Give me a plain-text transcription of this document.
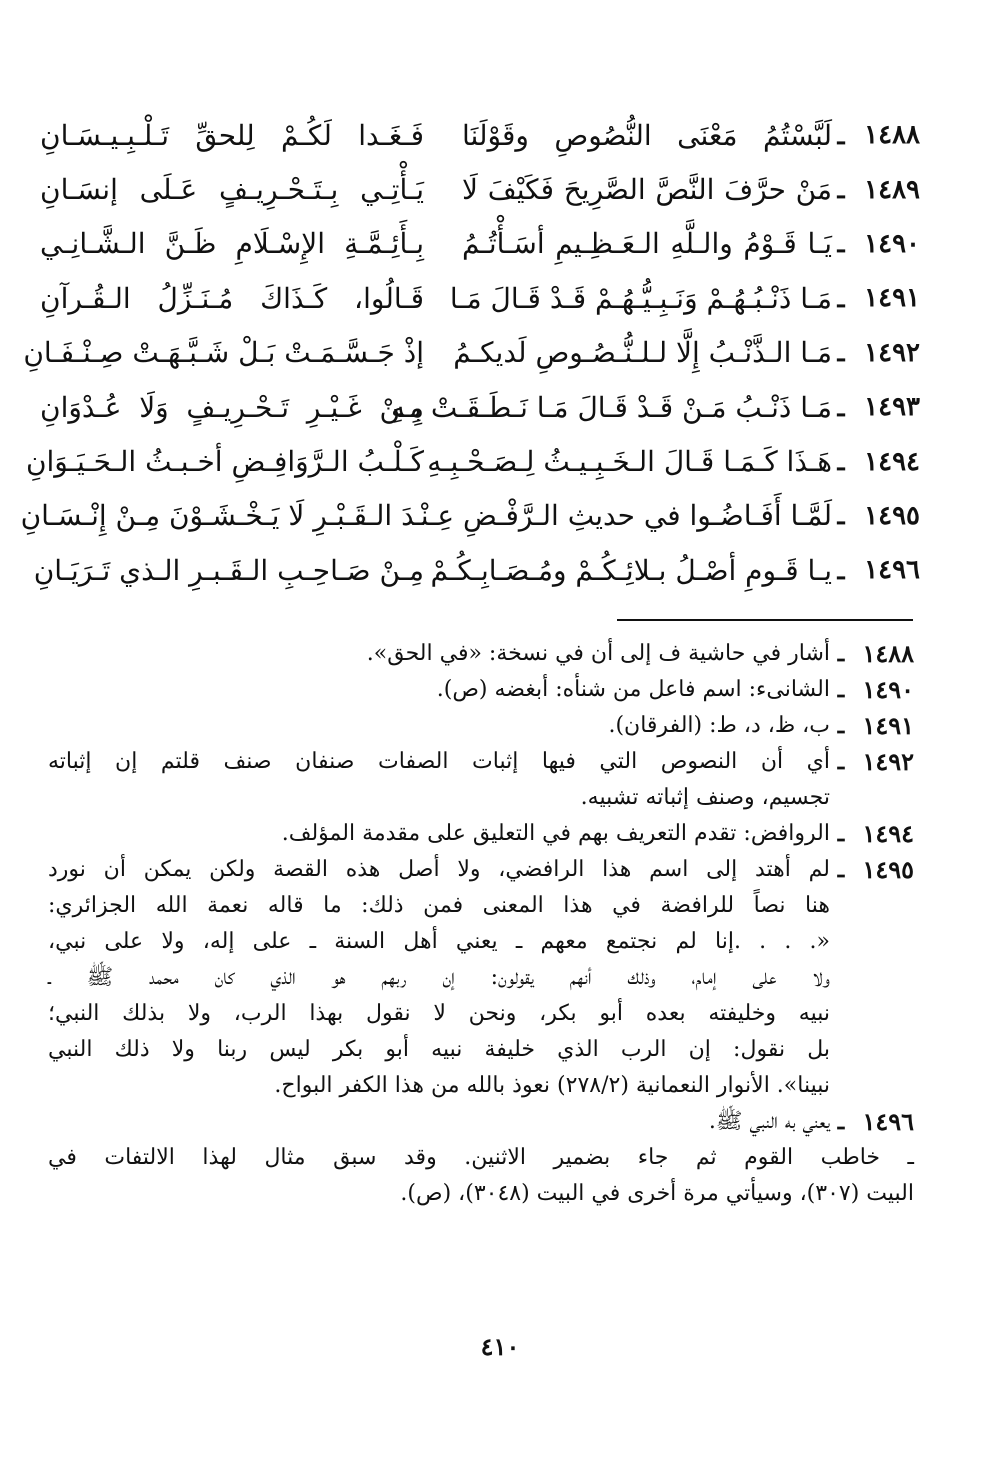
١٤٨٨
ـ
لَبَّسْتُمُ مَعْنَى النُّصُوصِ وقَوْلَنَا
فَـغَـدا لَكُـمْ لِلحقِّ تَـلْـبِـيـسَـانِ
١٤٨٩
ـ
مَنْ حرَّفَ النَّصَّ الصَّرِيحَ فَكَيْفَ لَا
يَـأْتِـي بِـتَـحْـرِيـفٍ عَـلَى إنسَـانِ
١٤٩٠
ـ
يَـا قَـوْمُ والـلَّهِ الـعَـظِـيمِ أسَـأْتُـمُ
بِـأَئِـمَّـةِ الإِسْـلَامِ ظَـنَّ الـشَّـانِـي
١٤٩١
ـ
مَـا ذَنْـبُـهُـمْ وَنَـبِـيُّـهُـمْ قَـدْ قَـالَ مَـا
قَـالُوا، كَـذَاكَ مُـنَـزِّلُ الـقُـرآنِ
١٤٩٢
ـ
مَـا الـذَّنْـبُ إِلَّا لـلـنُّـصُـوصِ لَديكـمُ
إذْ جَـسَّـمَـتْ بَـلْ شَـبَّـهَـتْ صِـنْـفَـانِ
١٤٩٣
ـ
مَـا ذَنْـبُ مَـنْ قَـدْ قَـالَ مَـا نَـطَـقَـتْ بِـهِ
مِـنْ غَـيْـرِ تَـحْـرِيـفٍ وَلَا عُـدْوَانِ
١٤٩٤
ـ
هَـذَا كَـمَـا قَـالَ الـخَـبِـيـثُ لِـصَـحْـبِـهِ
كَـلْـبُ الـرَّوَافِـضِ أخـبـثُ الـحَـيَـوَانِ
١٤٩٥
ـ
لَمَّـا أَفَـاضُـوا في حديثِ الـرَّفْـضِ عِـنْـ
ـدَ الـقَـبْـرِ لَا يَـخْـشَـوْنَ مِـنْ إِنْـسَـانِ
١٤٩٦
ـ
يـا قَـومِ أصْـلُ بـلائِـكُـمْ ومُـصَـابِـكُـمْ
مِـنْ صَـاحِـبِ الـقَـبـرِ الـذي تَـرَيَـانِ
١٤٨٨
ـ
أشار في حاشية ف إلى أن في نسخة: «في الحق».
١٤٩٠
ـ
الشانىء: اسم فاعل من شنأه: أبغضه (ص).
١٤٩١
ـ
ب، ظ، د، ط: (الفرقان).
١٤٩٢
ـ
أي أن النصوص التي فيها إثبات الصفات صنفان صنف قلتم إن إثباته
تجسيم، وصنف إثباته تشبيه.
١٤٩٤
ـ
الروافض: تقدم التعريف بهم في التعليق على مقدمة المؤلف.
١٤٩٥
ـ
لم أهتد إلى اسم هذا الرافضي، ولا أصل هذه القصة ولكن يمكن أن نورد
هنا نصاً للرافضة في هذا المعنى فمن ذلك: ما قاله نعمة الله الجزائري:
«. . . .إنا لم نجتمع معهم ـ يعني أهل السنة ـ على إله، ولا على نبي،
ولا على إمام، وذلك أنهم يقولون: إن ربهم هو الذي كان محمد ﷺ ـ
نبيه وخليفته بعده أبو بكر، ونحن لا نقول بهذا الرب، ولا بذلك النبي؛
بل نقول: إن الرب الذي خليفة نبيه أبو بكر ليس ربنا ولا ذلك النبي
نبينا». الأنوار النعمانية (٢٧٨/٢) نعوذ بالله من هذا الكفر البواح.
١٤٩٦
ـ
يعني به النبي ﷺ.
ـ خاطب القوم ثم جاء بضمير الاثنين. وقد سبق مثال لهذا الالتفات في
البيت (٣٠٧)، وسيأتي مرة أخرى في البيت (٣٠٤٨)، (ص).
٤١٠
